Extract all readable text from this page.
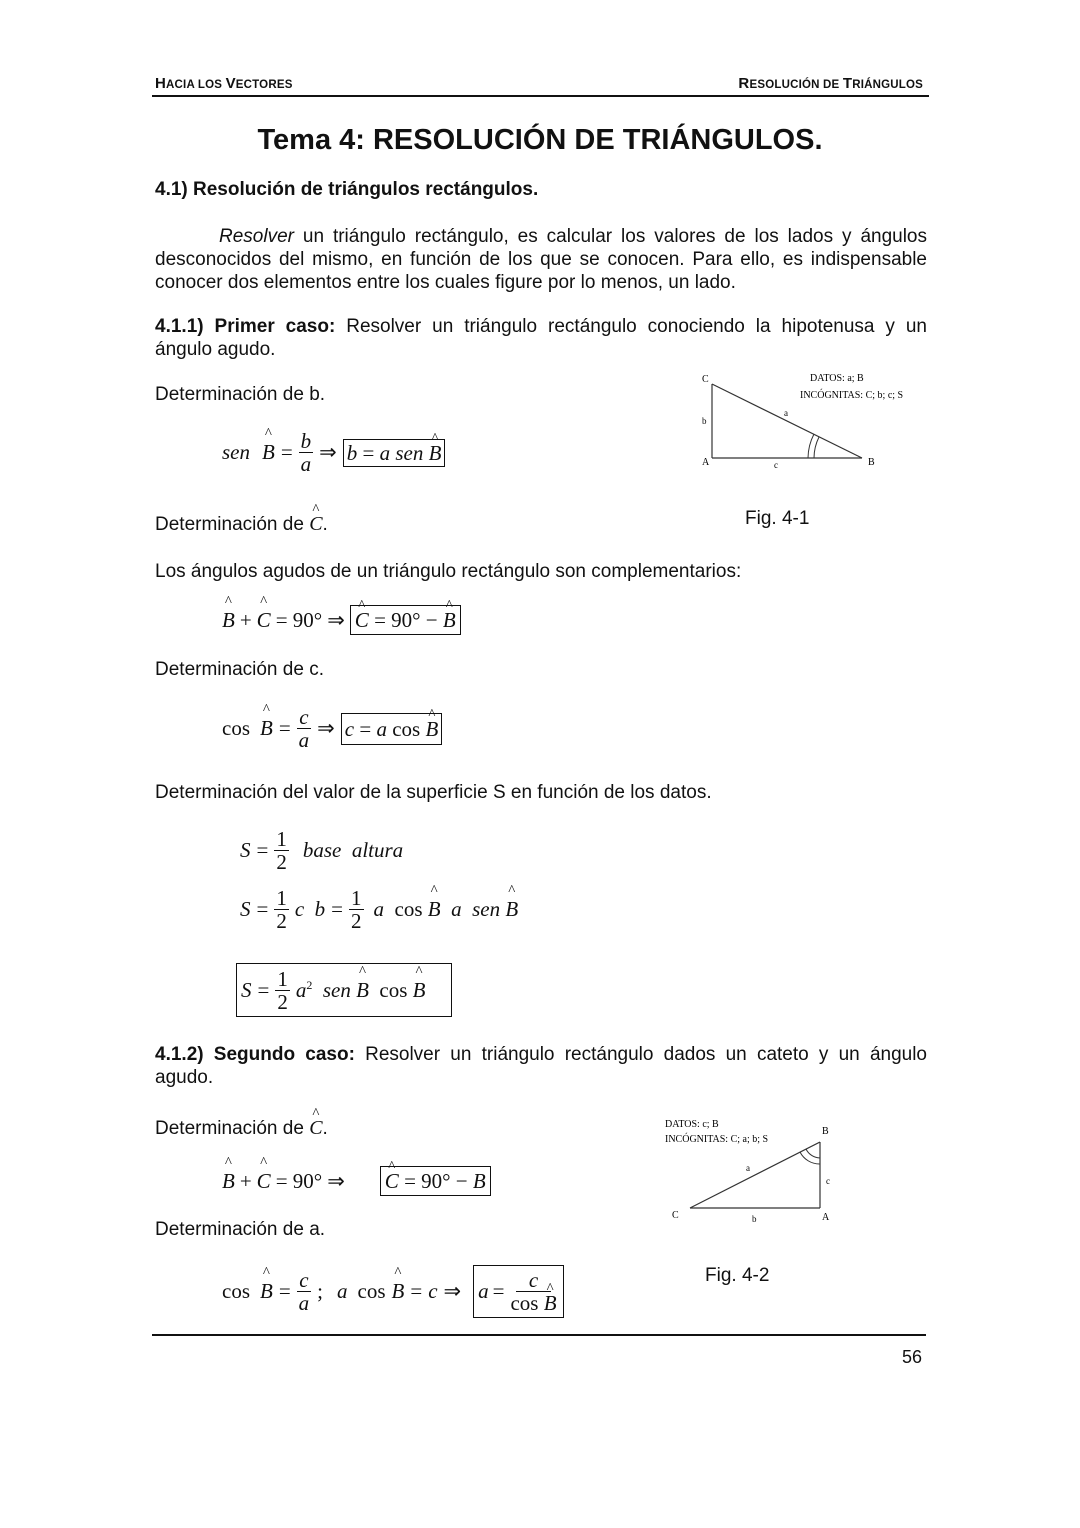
HACIA LOS VECTORES	RESOLUCIÓN DE TRIÁNGULOS
Tema 4: RESOLUCIÓN DE TRIÁNGULOS.
4.1) Resolución de triángulos rectángulos.
Resolver un triángulo rectángulo, es calcular los valores de los lados y ángulos desconocidos del mismo, en función de los que se conocen. Para ello, es indispensable conocer dos elementos entre los cuales figure por lo menos, un lado.
4.1.1) Primer caso: Resolver un triángulo rectángulo conociendo la hipotenusa y un ángulo agudo.
Determinación de b.
sen ^ $B = \frac{b}{a}$ ⇒ b = a sen ^ B
C
A	B
b
a
c
DATOS: a; B
INCÓGNITAS: C; b; c; S
Determinación de ^ C.	Fig. 4-1
Los ángulos agudos de un triángulo rectángulo son complementarios:
^ B + ^ C = 90° ⇒ ^ C = 90° − ^ B
Determinación de c.
cos ^ $B = \frac{c}{a}$ ⇒ c = a cos ^ B
Determinación del valor de la superficie S en función de los datos.
$S = \frac{1}{2}$ base  altura
$S = \frac{1}{2}$ c  $b = \frac{1}{2}$ a  cos ^ B  a  sen ^ B
$S = \frac{1}{2} a^2$  sen ^ B cos ^ B
4.1.2) Segundo caso: Resolver un triángulo rectángulo dados un cateto y un ángulo agudo.
Determinación de ^ C.
^ B + ^ C = 90° ⇒ ^ C = 90° − B
DATOS: c; B
INCÓGNITAS: C; a; b; S
B
C	A
a
c
b
Determinación de a.
Fig. 4-2
cos ^ $B = \frac{c}{a}$ ; a cos ^ B = c ⇒ $a = \frac{c}{\cos \^{} B}$
56
